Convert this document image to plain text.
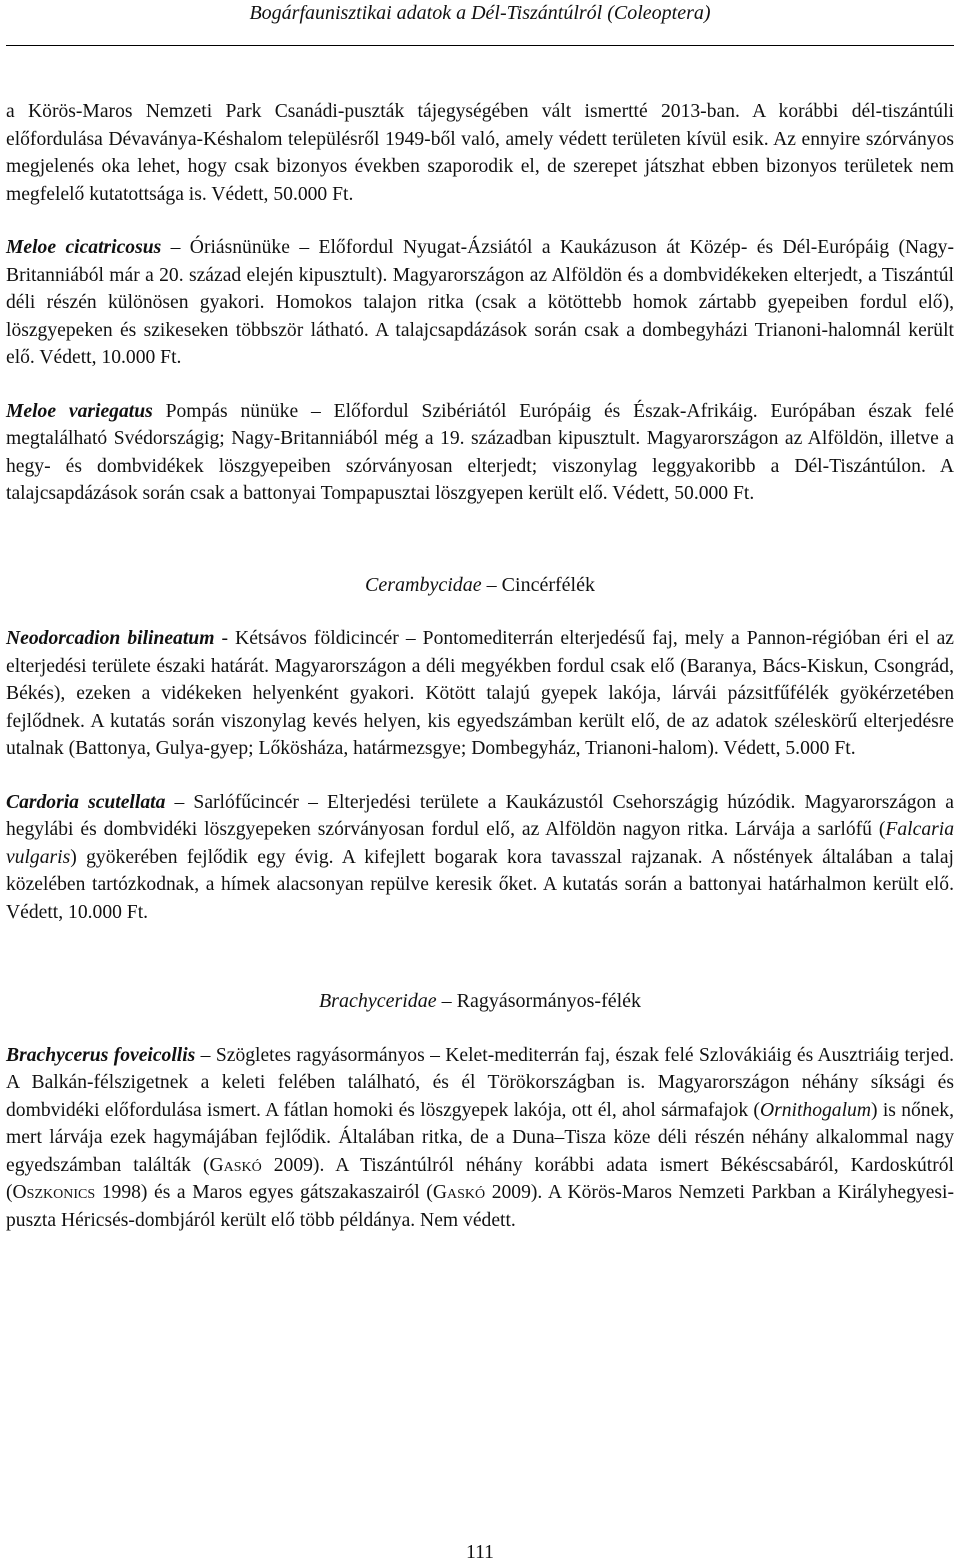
Bogárfaunisztikai adatok a Dél-Tiszántúlról (Coleoptera)

a Körös-Maros Nemzeti Park Csanádi-puszták tájegységében vált ismertté 2013-ban. A korábbi dél-tiszántúli előfordulása Dévaványa-Késhalom településről 1949-ből való, amely védett területen kívül esik. Az ennyire szórványos megjelenés oka lehet, hogy csak bizonyos években szaporodik el, de szerepet játszhat ebben bizonyos területek nem megfelelő kutatottsága is. Védett, 50.000 Ft.

Meloe cicatricosus – Óriásnünüke – Előfordul Nyugat-Ázsiától a Kaukázuson át Közép- és Dél-Európáig (Nagy-Britanniából már a 20. század elején kipusztult). Magyarországon az Alföldön és a dombvidékeken elterjedt, a Tiszántúl déli részén különösen gyakori. Homokos talajon ritka (csak a kötöttebb homok zártabb gyepeiben fordul elő), löszgyepeken és szikeseken többször látható. A talajcsapdázások során csak a dombegyházi Trianoni-halomnál került elő. Védett, 10.000 Ft.

Meloe variegatus Pompás nünüke – Előfordul Szibériától Európáig és Észak-Afrikáig. Európában észak felé megtalálható Svédországig; Nagy-Britanniából még a 19. században kipusztult. Magyarországon az Alföldön, illetve a hegy- és dombvidékek löszgyepeiben szórványosan elterjedt; viszonylag leggyakoribb a Dél-Tiszántúlon. A talajcsapdázások során csak a battonyai Tompapusztai löszgyepen került elő. Védett, 50.000 Ft.

Cerambycidae – Cincérfélék

Neodorcadion bilineatum - Kétsávos földicincér – Pontomediterrán elterjedésű faj, mely a Pannon-régióban éri el az elterjedési területe északi határát. Magyarországon a déli megyékben fordul csak elő (Baranya, Bács-Kiskun, Csongrád, Békés), ezeken a vidékeken helyenként gyakori. Kötött talajú gyepek lakója, lárvái pázsitfűfélék gyökérzetében fejlődnek. A kutatás során viszonylag kevés helyen, kis egyedszámban került elő, de az adatok széleskörű elterjedésre utalnak (Battonya, Gulya-gyep; Lőkösháza, határmezsgye; Dombegyház, Trianoni-halom). Védett, 5.000 Ft.

Cardoria scutellata – Sarlófűcincér – Elterjedési területe a Kaukázustól Csehországig húzódik. Magyarországon a hegylábi és dombvidéki löszgyepeken szórványosan fordul elő, az Alföldön nagyon ritka. Lárvája a sarlófű (Falcaria vulgaris) gyökerében fejlődik egy évig. A kifejlett bogarak kora tavasszal rajzanak. A nőstények általában a talaj közelében tartózkodnak, a hímek alacsonyan repülve keresik őket. A kutatás során a battonyai határhalmon került elő. Védett, 10.000 Ft.

Brachyceridae – Ragyásormányos-félék

Brachycerus foveicollis – Szögletes ragyásormányos – Kelet-mediterrán faj, észak felé Szlovákiáig és Ausztriáig terjed. A Balkán-félszigetnek a keleti felében található, és él Törökországban is. Magyarországon néhány síksági és dombvidéki előfordulása ismert. A fátlan homoki és löszgyepek lakója, ott él, ahol sármafajok (Ornithogalum) is nőnek, mert lárvája ezek hagymájában fejlődik. Általában ritka, de a Duna–Tisza köze déli részén néhány alkalommal nagy egyedszámban találták (Gaskó 2009). A Tiszántúlról néhány korábbi adata ismert Békéscsabáról, Kardoskútról (Oszkonics 1998) és a Maros egyes gátszakaszairól (Gaskó 2009). A Körös-Maros Nemzeti Parkban a Királyhegyesi-puszta Héricsés-dombjáról került elő több példánya. Nem védett.

111
